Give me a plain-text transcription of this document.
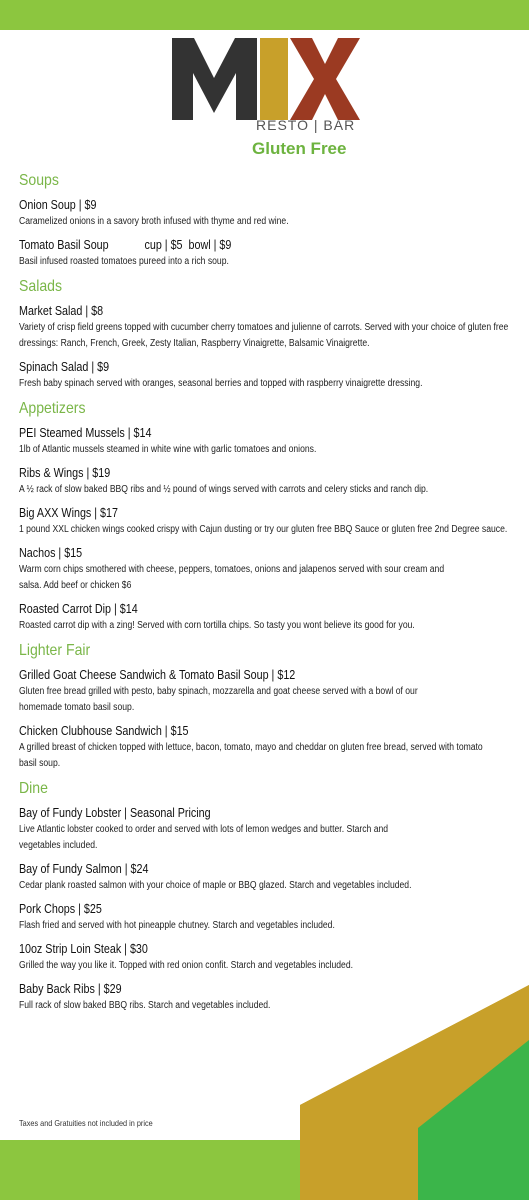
RESTO | BAR
Gluten Free
Soups
Onion Soup | $9
Caramelized onions in a savory broth infused with thyme and red wine.
Tomato Basil Soup            cup | $5  bowl | $9
Basil infused roasted tomatoes pureed into a rich soup.
Salads
Market Salad | $8
Variety of crisp field greens topped with cucumber cherry tomatoes and julienne of carrots. Served with your choice of gluten free dressings: Ranch, French, Greek, Zesty Italian, Raspberry Vinaigrette, Balsamic Vinaigrette.
Spinach Salad | $9
Fresh baby spinach served with oranges, seasonal berries and topped with raspberry vinaigrette dressing.
Appetizers
PEI Steamed Mussels | $14
1lb of Atlantic mussels steamed in white wine with garlic tomatoes and onions.
Ribs & Wings | $19
A ½ rack of slow baked BBQ ribs and ½ pound of wings served with carrots and celery sticks and ranch dip.
Big AXX Wings | $17
1 pound XXL chicken wings cooked crispy with Cajun dusting or try our gluten free BBQ Sauce or gluten free 2nd Degree sauce.
Nachos | $15
Warm corn chips smothered with cheese, peppers, tomatoes, onions and jalapenos served with sour cream and salsa. Add beef or chicken $6
Roasted Carrot Dip | $14
Roasted carrot dip with a zing! Served with corn tortilla chips. So tasty you wont believe its good for you.
Lighter Fair
Grilled Goat Cheese Sandwich & Tomato Basil Soup | $12
Gluten free bread grilled with pesto, baby spinach, mozzarella and goat cheese served with a bowl of our homemade tomato basil soup.
Chicken Clubhouse Sandwich | $15
A grilled breast of chicken topped with lettuce, bacon, tomato, mayo and cheddar on gluten free bread, served with tomato basil soup.
Dine
Bay of Fundy Lobster | Seasonal Pricing
Live Atlantic lobster cooked to order and served with lots of lemon wedges and butter. Starch and vegetables included.
Bay of Fundy Salmon | $24
Cedar plank roasted salmon with your choice of maple or BBQ glazed. Starch and vegetables included.
Pork Chops | $25
Flash fried and served with hot pineapple chutney. Starch and vegetables included.
10oz Strip Loin Steak | $30
Grilled the way you like it. Topped with red onion confit. Starch and vegetables included.
Baby Back Ribs | $29
Full rack of slow baked BBQ ribs. Starch and vegetables included.
Taxes and Gratuities not included in price
